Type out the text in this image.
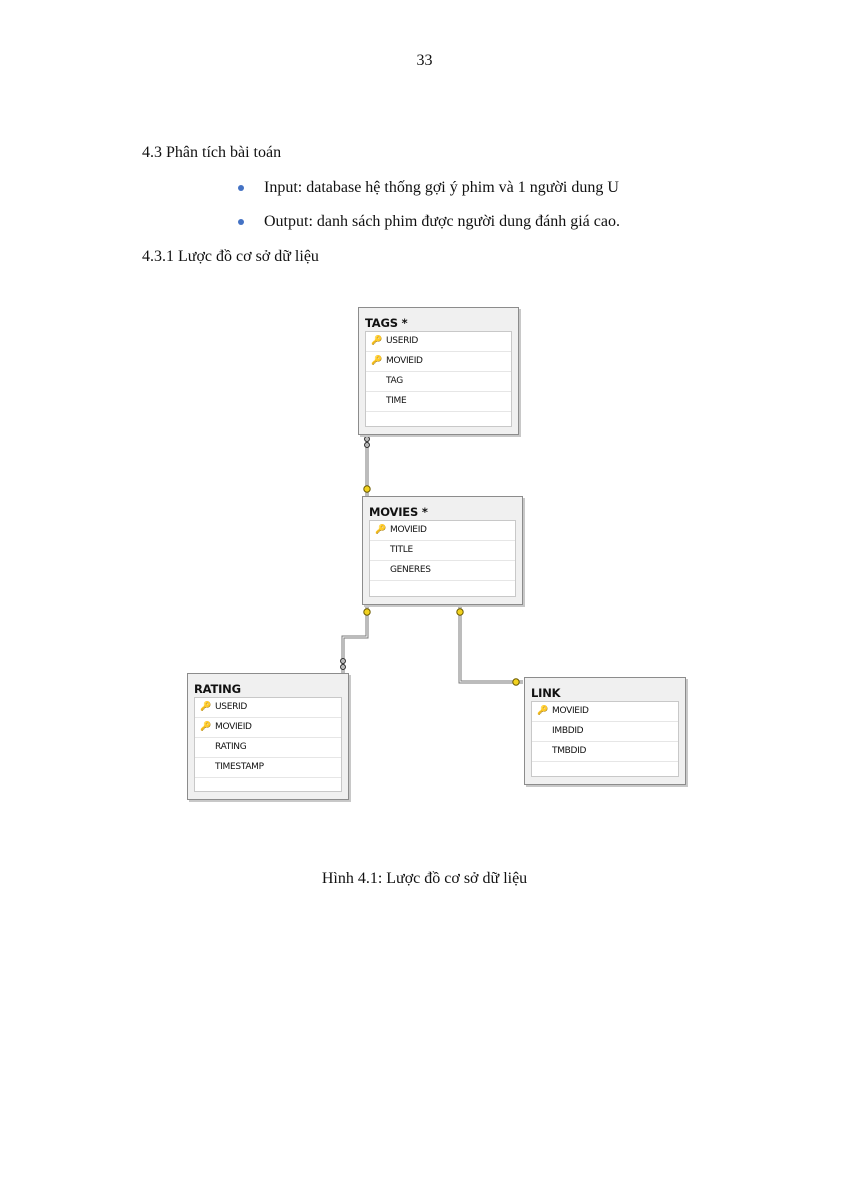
33
4.3 Phân tích bài toán
Input: database hệ thống gợi ý phim và 1 người dung U
Output: danh sách phim được người dung đánh giá cao.
4.3.1 Lược đồ cơ sở dữ liệu
TAGS *
🔑 USERID
🔑 MOVIEID
TAG
TIME
MOVIES *
🔑 MOVIEID
TITLE
GENERES
RATING
🔑 USERID
🔑 MOVIEID
RATING
TIMESTAMP
LINK
🔑 MOVIEID
IMBDID
TMBDID
Hình 4.1: Lược đồ cơ sở dữ liệu
